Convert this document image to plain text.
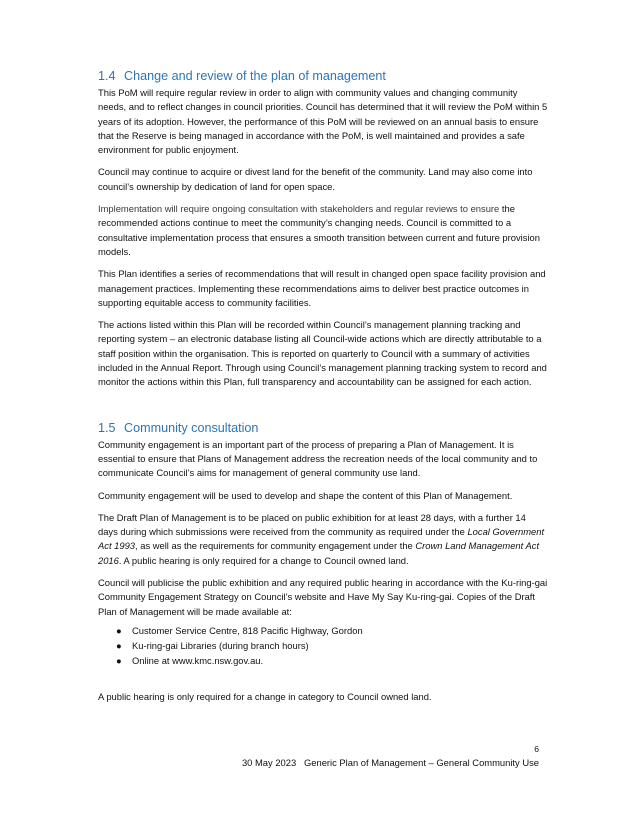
1.4 Change and review of the plan of management

This PoM will require regular review in order to align with community values and changing community needs, and to reflect changes in council priorities. Council has determined that it will review the PoM within 5 years of its adoption. However, the performance of this PoM will be reviewed on an annual basis to ensure that the Reserve is being managed in accordance with the PoM, is well maintained and provides a safe environment for public enjoyment.

Council may continue to acquire or divest land for the benefit of the community. Land may also come into council’s ownership by dedication of land for open space.

Implementation will require ongoing consultation with stakeholders and regular reviews to ensure the recommended actions continue to meet the community’s changing needs. Council is committed to a consultative implementation process that ensures a smooth transition between current and future provision models.

This Plan identifies a series of recommendations that will result in changed open space facility provision and management practices. Implementing these recommendations aims to deliver best practice outcomes in supporting equitable access to community facilities.

The actions listed within this Plan will be recorded within Council’s management planning tracking and reporting system – an electronic database listing all Council-wide actions which are directly attributable to a staff position within the organisation. This is reported on quarterly to Council with a summary of activities included in the Annual Report. Through using Council’s management planning tracking system to record and monitor the actions within this Plan, full transparency and accountability can be assigned for each action.

1.5 Community consultation

Community engagement is an important part of the process of preparing a Plan of Management. It is essential to ensure that Plans of Management address the recreation needs of the local community and to communicate Council’s aims for management of general community use land.

Community engagement will be used to develop and shape the content of this Plan of Management.

The Draft Plan of Management is to be placed on public exhibition for at least 28 days, with a further 14 days during which submissions were received from the community as required under the Local Government Act 1993, as well as the requirements for community engagement under the Crown Land Management Act 2016. A public hearing is only required for a change to Council owned land.

Council will publicise the public exhibition and any required public hearing in accordance with the Ku-ring-gai Community Engagement Strategy on Council’s website and Have My Say Ku-ring-gai. Copies of the Draft Plan of Management will be made available at:

● Customer Service Centre, 818 Pacific Highway, Gordon
● Ku-ring-gai Libraries (during branch hours)
● Online at www.kmc.nsw.gov.au.

A public hearing is only required for a change in category to Council owned land.

6
30 May 2023   Generic Plan of Management – General Community Use
